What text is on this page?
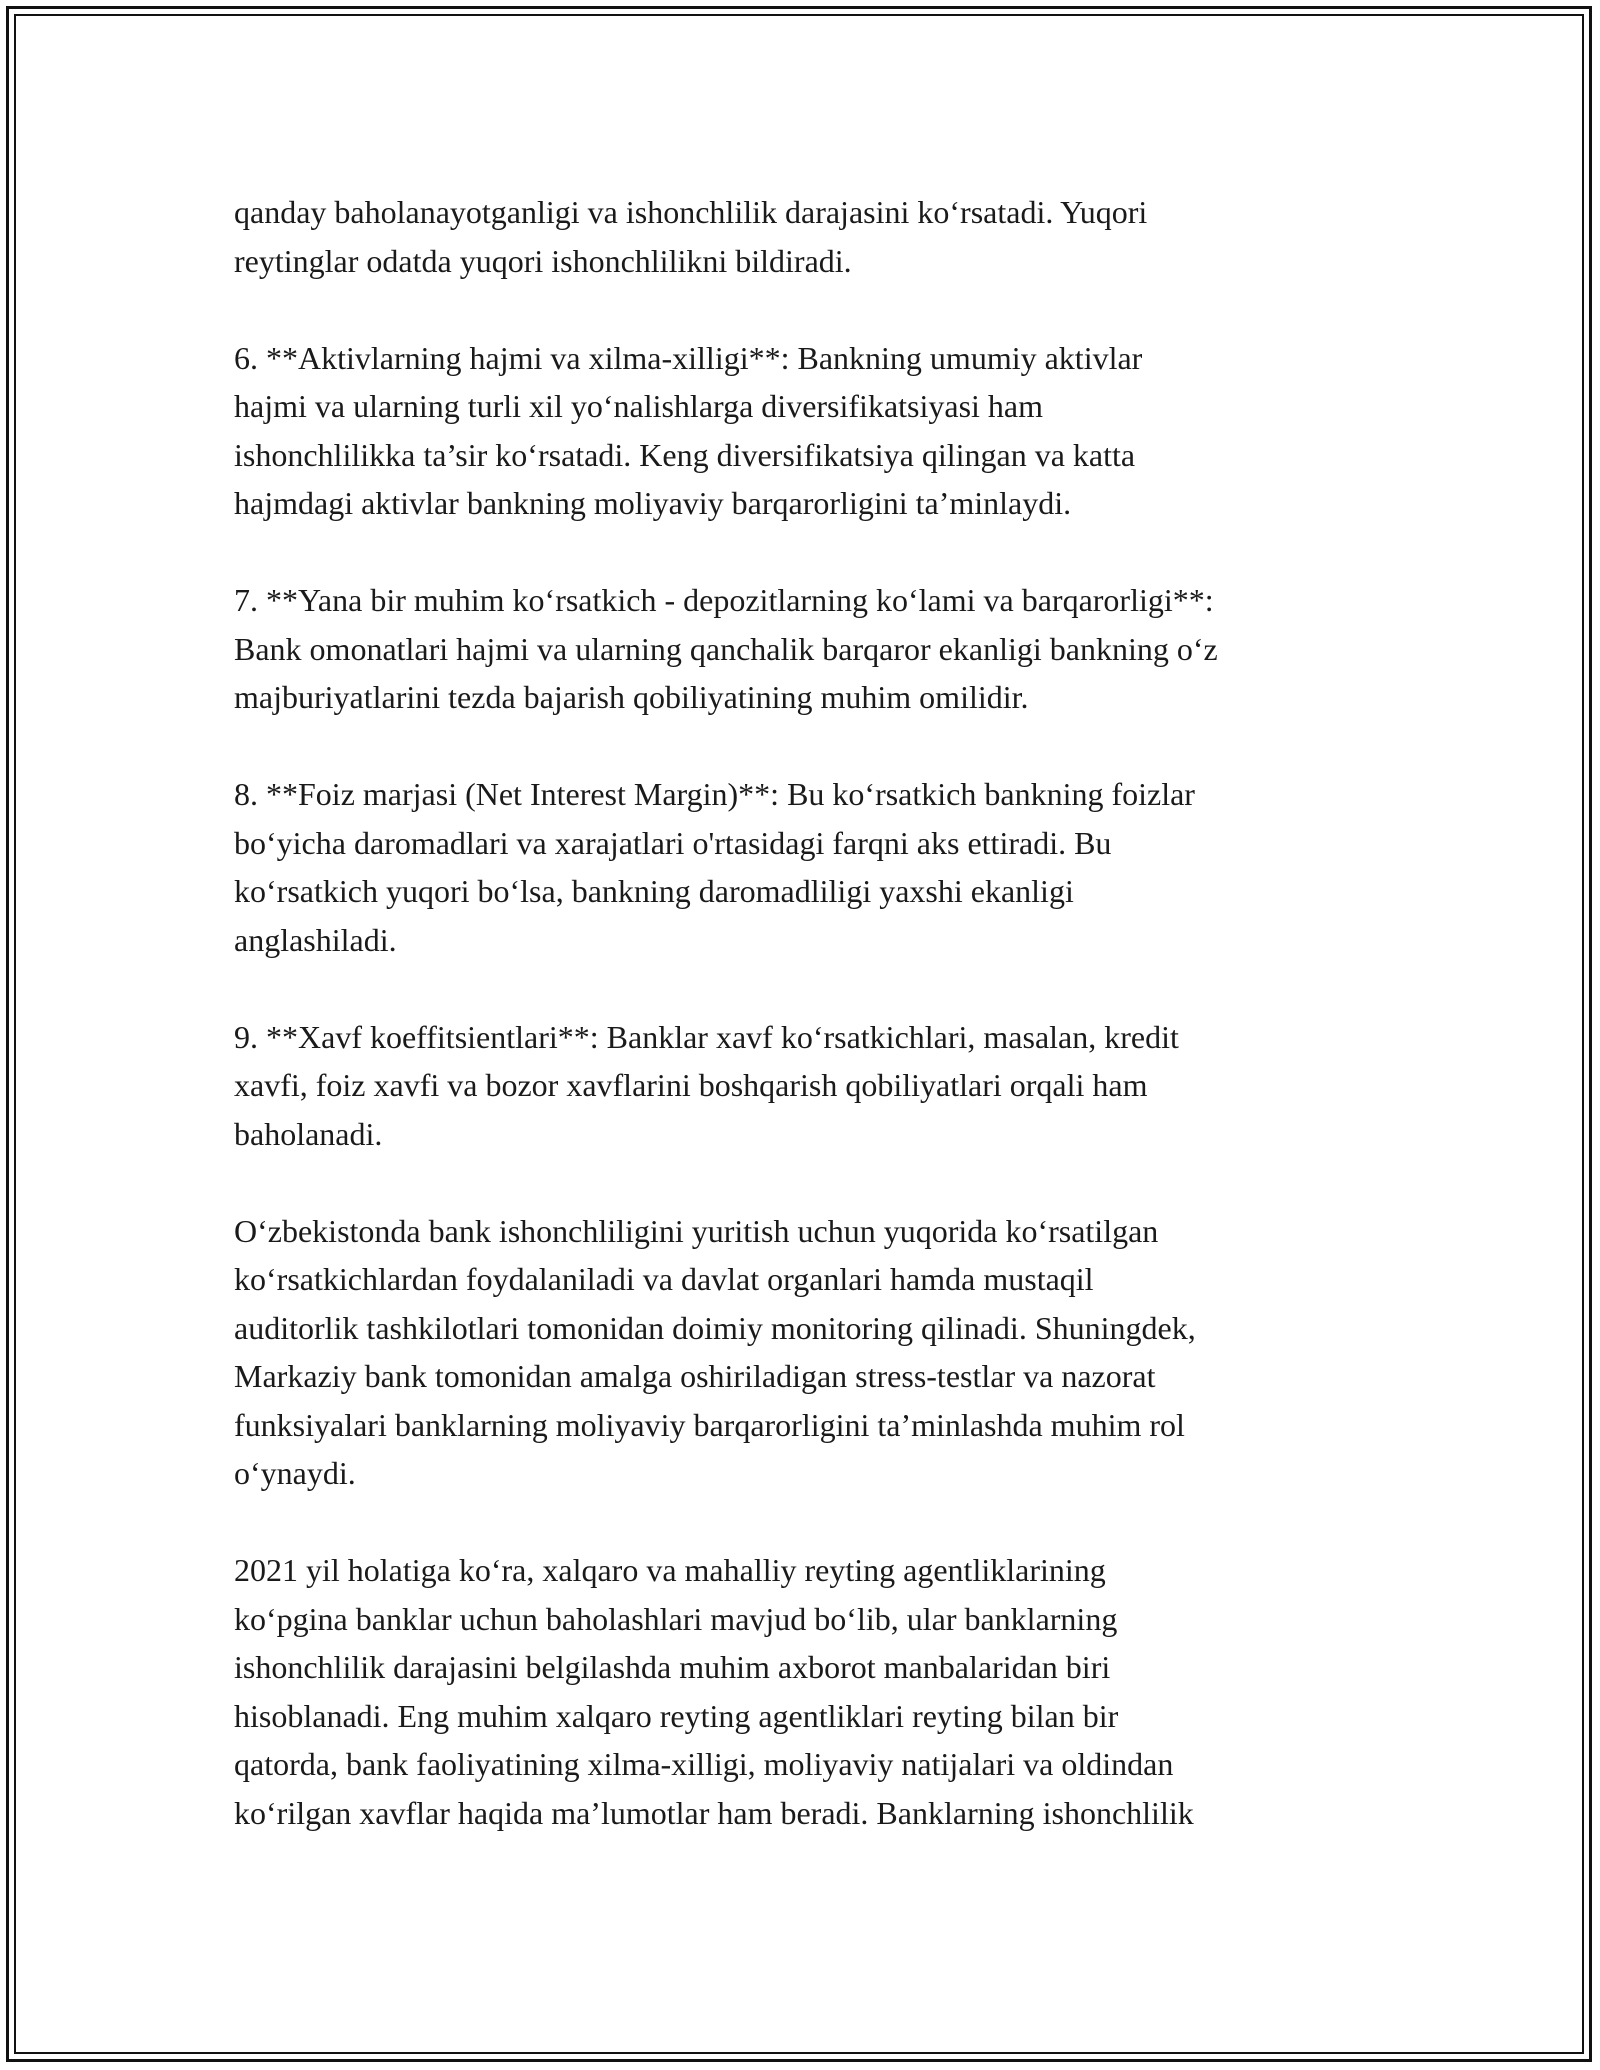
qanday baholanayotganligi va ishonchlilik darajasini ko‘rsatadi. Yuqori
reytinglar odatda yuqori ishonchlilikni bildiradi.

6. **Aktivlarning hajmi va xilma-xilligi**: Bankning umumiy aktivlar
hajmi va ularning turli xil yo‘nalishlarga diversifikatsiyasi ham
ishonchlilikka ta’sir ko‘rsatadi. Keng diversifikatsiya qilingan va katta
hajmdagi aktivlar bankning moliyaviy barqarorligini ta’minlaydi.

7. **Yana bir muhim ko‘rsatkich - depozitlarning ko‘lami va barqarorligi**:
Bank omonatlari hajmi va ularning qanchalik barqaror ekanligi bankning o‘z
majburiyatlarini tezda bajarish qobiliyatining muhim omilidir.

8. **Foiz marjasi (Net Interest Margin)**: Bu ko‘rsatkich bankning foizlar
bo‘yicha daromadlari va xarajatlari o'rtasidagi farqni aks ettiradi. Bu
ko‘rsatkich yuqori bo‘lsa, bankning daromadliligi yaxshi ekanligi
anglashiladi.

9. **Xavf koeffitsientlari**: Banklar xavf ko‘rsatkichlari, masalan, kredit
xavfi, foiz xavfi va bozor xavflarini boshqarish qobiliyatlari orqali ham
baholanadi.

O‘zbekistonda bank ishonchliligini yuritish uchun yuqorida ko‘rsatilgan
ko‘rsatkichlardan foydalaniladi va davlat organlari hamda mustaqil
auditorlik tashkilotlari tomonidan doimiy monitoring qilinadi. Shuningdek,
Markaziy bank tomonidan amalga oshiriladigan stress-testlar va nazorat
funksiyalari banklarning moliyaviy barqarorligini ta’minlashda muhim rol
o‘ynaydi.

2021 yil holatiga ko‘ra, xalqaro va mahalliy reyting agentliklarining
ko‘pgina banklar uchun baholashlari mavjud bo‘lib, ular banklarning
ishonchlilik darajasini belgilashda muhim axborot manbalaridan biri
hisoblanadi. Eng muhim xalqaro reyting agentliklari reyting bilan bir
qatorda, bank faoliyatining xilma-xilligi, moliyaviy natijalari va oldindan
ko‘rilgan xavflar haqida ma’lumotlar ham beradi. Banklarning ishonchlilik
